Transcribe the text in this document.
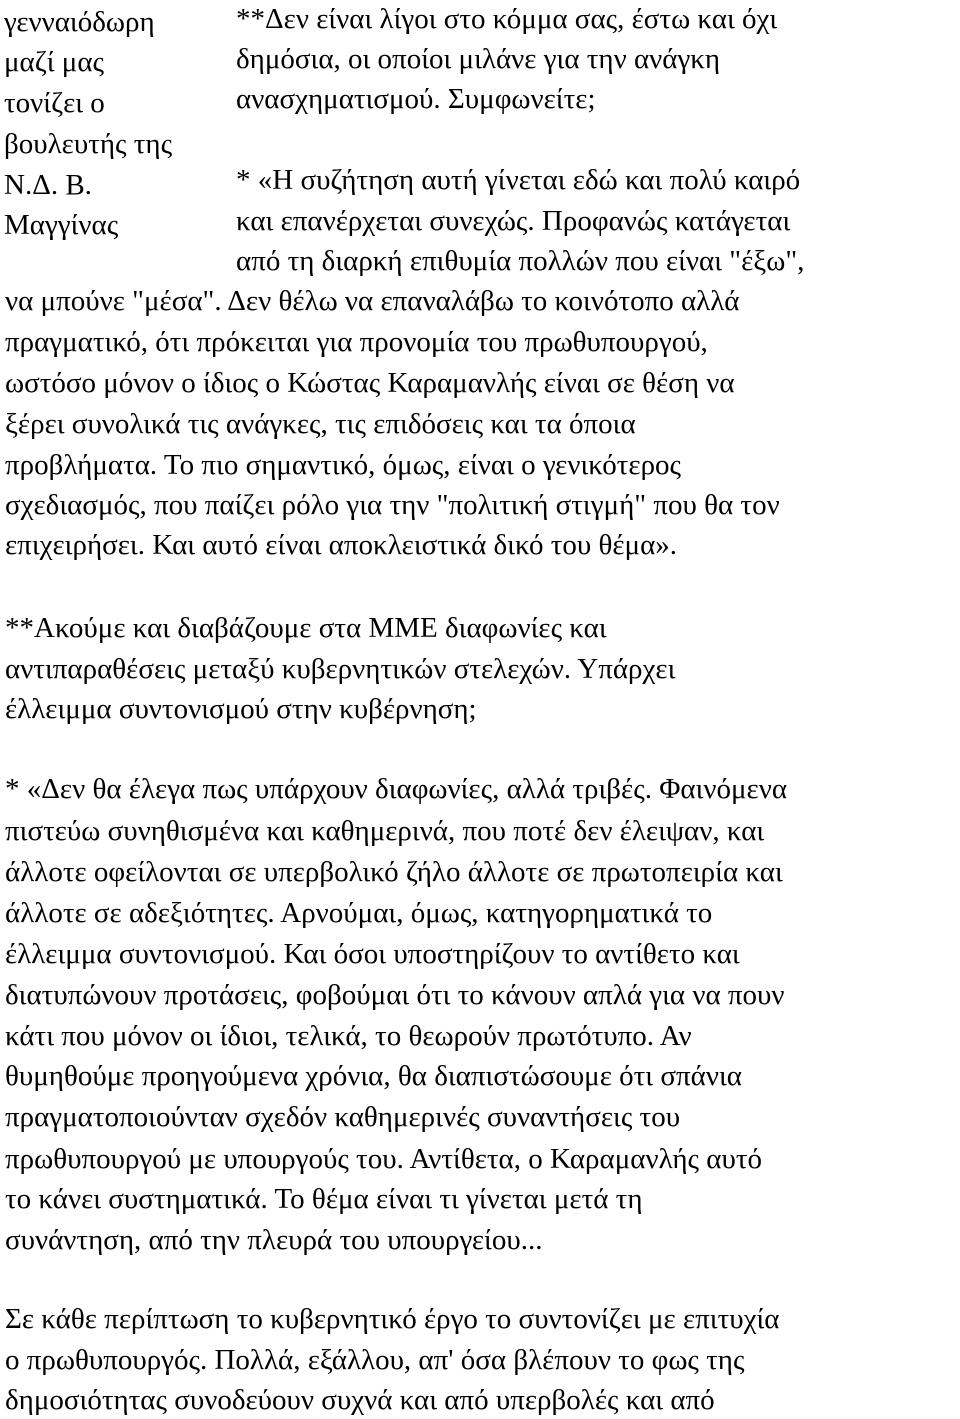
γενναιόδωρη
μαζί μας
τονίζει ο
βουλευτής της
Ν.Δ. Β.
Μαγγίνας
**Δεν είναι λίγοι στο κόμμα σας, έστω και όχι
δημόσια, οι οποίοι μιλάνε για την ανάγκη
ανασχηματισμού. Συμφωνείτε;
* «Η συζήτηση αυτή γίνεται εδώ και πολύ καιρό
και επανέρχεται συνεχώς. Προφανώς κατάγεται
από τη διαρκή επιθυμία πολλών που είναι "έξω",
να μπούνε "μέσα". Δεν θέλω να επαναλάβω το κοινότοπο αλλά
πραγματικό, ότι πρόκειται για προνομία του πρωθυπουργού,
ωστόσο μόνον ο ίδιος ο Κώστας Καραμανλής είναι σε θέση να
ξέρει συνολικά τις ανάγκες, τις επιδόσεις και τα όποια
προβλήματα. Το πιο σημαντικό, όμως, είναι ο γενικότερος
σχεδιασμός, που παίζει ρόλο για την "πολιτική στιγμή" που θα τον
επιχειρήσει. Και αυτό είναι αποκλειστικά δικό του θέμα».
**Ακούμε και διαβάζουμε στα ΜΜΕ διαφωνίες και
αντιπαραθέσεις μεταξύ κυβερνητικών στελεχών. Υπάρχει
έλλειμμα συντονισμού στην κυβέρνηση;
* «Δεν θα έλεγα πως υπάρχουν διαφωνίες, αλλά τριβές. Φαινόμενα
πιστεύω συνηθισμένα και καθημερινά, που ποτέ δεν έλειψαν, και
άλλοτε οφείλονται σε υπερβολικό ζήλο άλλοτε σε πρωτοπειρία και
άλλοτε σε αδεξιότητες. Αρνούμαι, όμως, κατηγορηματικά το
έλλειμμα συντονισμού. Και όσοι υποστηρίζουν το αντίθετο και
διατυπώνουν προτάσεις, φοβούμαι ότι το κάνουν απλά για να πουν
κάτι που μόνον οι ίδιοι, τελικά, το θεωρούν πρωτότυπο. Αν
θυμηθούμε προηγούμενα χρόνια, θα διαπιστώσουμε ότι σπάνια
πραγματοποιούνταν σχεδόν καθημερινές συναντήσεις του
πρωθυπουργού με υπουργούς του. Αντίθετα, ο Καραμανλής αυτό
το κάνει συστηματικά. Το θέμα είναι τι γίνεται μετά τη
συνάντηση, από την πλευρά του υπουργείου...
Σε κάθε περίπτωση το κυβερνητικό έργο το συντονίζει με επιτυχία
ο πρωθυπουργός. Πολλά, εξάλλου, απ' όσα βλέπουν το φως της
δημοσιότητας συνοδεύουν συχνά και από υπερβολές και από
